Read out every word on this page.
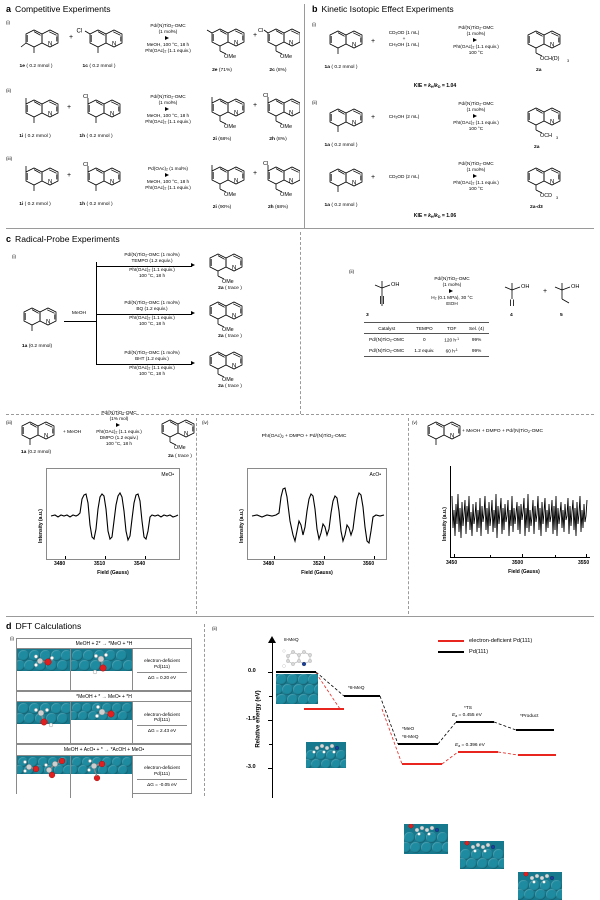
a Competitive Experiments
(i)
N
1e ( 0.2 mmol )
+
Cl
N
1c ( 0.2 mmol )
Pd/(N)TiO$_2$-OMC
(1 mol%)
MeOH, 100 °C, 18 h
$PhI(OAc)_2$ (1.1 equiv.)
N
OMe
2e (71%)
+
Cl
N
OMe
2c (8%)
(ii)
N
1i ( 0.2 mmol )
+
Cl
N
1h ( 0.2 mmol )
Pd/(N)TiO$_2$-OMC
(1 mol%)
MeOH, 100 °C, 18 h
$PhI(OAc)_2$ (1.1 equiv.)
N
OMe
2i (68%)
+
Cl
N
OMe
2h (8%)
(iii)
N
1i ( 0.2 mmol )
+
Cl
N
1h ( 0.2 mmol )
$Pd(OAc)_2$ (1 mol%)
MeOH, 100 °C, 18 h
$PhI(OAc)_2$ (1.1 equiv.)
N
OMe
2i (90%)
+
Cl
N
OMe
2h (68%)
b Kinetic Isotopic Effect Experiments
(i)
N
1a ( 0.2 mmol )
+
$CD_3OD$ (1 mL)
+
$CH_3OH$ (1 mL)
Pd/(N)TiO$_2$-OMC
(1 mol%)
$PhI(OAc)_2$ (1.1 equiv.)
100 °C
N
OCH(D) 3
2a
KIE = $k_H/k_D = 1.04$
(ii)
N
1a ( 0.2 mmol )
+	$CH_3OH$ (2 mL)
Pd/(N)TiO$_2$-OMC
(1 mol%)
$PhI(OAc)_2$ (1.1 equiv.)
100 °C
N
OCH 3
2a
N
1a ( 0.2 mmol )
+	$CD_3OD$ (2 mL)
Pd/(N)TiO$_2$-OMC
(1 mol%)
$PhI(OAc)_2$ (1.1 equiv.)
100 °C
N
OCD 3
2a-d3
KIE = $k_H/k_D = 1.06$
c Radical-Probe Experiments
(i)
N
1a (0.2 mmol)
MeOH
Pd/(N)TiO$_2$-OMC (1 mol%)
TEMPO (1.2 equiv.)
$PhI(OAc)_2$ (1.1 equiv.)
100 °C, 18 h
N
OMe
2a ( trace )
Pd/(N)TiO$_2$-OMC (1 mol%)
BQ (1.2 equiv.)
$PhI(OAc)_2$ (1.1 equiv.)
100 °C, 18 h
N
OMe
2a ( trace )
Pd/(N)TiO$_2$-OMC (1 mol%)
BHT (1.2 equiv.)
$PhI(OAc)_2$ (1.1 equiv.)
100 °C, 18 h
N
OMe
2a ( trace )
(ii)
OH
3
Pd/(N)TiO$_2$-OMC
(1 mol%)
$H_2$ (0.1 MPa), 30 °C
EtOH
OH
4
+
OH
5
Catalyst	TEMPO	TOF	Sel. (4)
Pd/(N)TiO$_2$-OMC	0	120 $h^{-1}$	99%
Pd/(N)TiO$_2$-OMC	1.2 equiv.	60 $h^{-1}$	99%
(iii)
N
1a (0.2 mmol)
+ MeOH
Pd/(N)TiO$_2$-OMC
(1% mol)
$PhI(OAc)_2$ (1.1 equiv.)
DMPO (1.2 equiv.)
100 °C, 18 h
N
OMe
2a ( trace )
Intensity (a.u.)
MeO•
3480	3510	3540
Field (Gauss)
(iv)
$PhI(OAc)_2$ + DMPO + Pd/(N)TiO$_2$-OMC
Intensity (a.u.)
AcO•
3480	3520	3560
Field (Gauss)
(v)
N
+ MeOH + DMPO + Pd/(N)TiO$_2$-OMC
Intensity (a.u.)
3450	3500	3550
Field (Gauss)
d DFT Calculations
(i)
MeOH + 2* → *MeO + *H
electron-deficient
Pd(111)
ΔG = 0.20 eV
*MeOH + * → MeO• + *H
electron-deficient
Pd(111)
ΔG = 2.43 eV
MeOH + AcO• + * → *AcOH + MeO•
electron-deficient
Pd(111)
ΔG = -0.05 eV
(ii)
electron-deficient Pd(111)
Pd(111)
Relative energy (eV)
0.0
-1.5
-3.0
8-MeQ
*8-MeQ
*MeO
*8-MeQ
*TS
$E_a = 0.455$ eV
$E_a = 0.396$ eV
*Product
